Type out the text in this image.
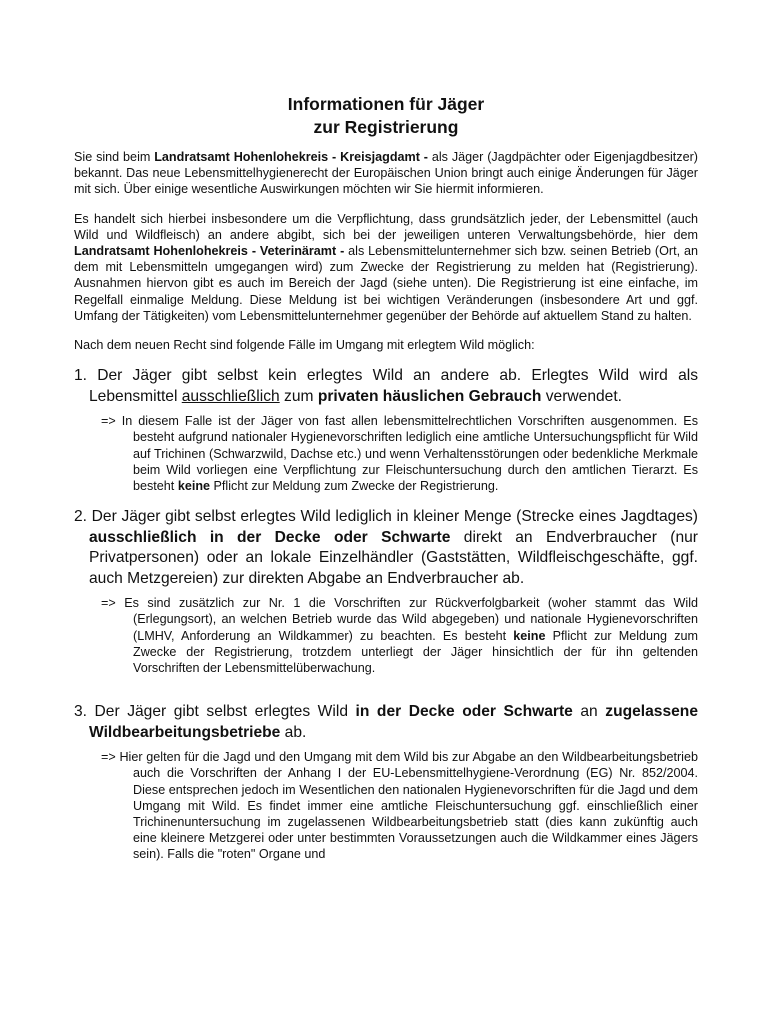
Informationen für Jäger
zur Registrierung

Sie sind beim Landratsamt Hohenlohekreis - Kreisjagdamt - als Jäger (Jagdpächter oder Eigenjagdbesitzer) bekannt. Das neue Lebensmittelhygienerecht der Europäischen Union bringt auch einige Änderungen für Jäger mit sich. Über einige wesentliche Auswirkungen möchten wir Sie hiermit informieren.

Es handelt sich hierbei insbesondere um die Verpflichtung, dass grundsätzlich jeder, der Lebensmittel (auch Wild und Wildfleisch) an andere abgibt, sich bei der jeweiligen unteren Verwaltungsbehörde, hier dem Landratsamt Hohenlohekreis - Veterinäramt - als Lebensmittelunternehmer sich bzw. seinen Betrieb (Ort, an dem mit Lebensmitteln umgegangen wird) zum Zwecke der Registrierung zu melden hat (Registrierung). Ausnahmen hiervon gibt es auch im Bereich der Jagd (siehe unten). Die Registrierung ist eine einfache, im Regelfall einmalige Meldung. Diese Meldung ist bei wichtigen Veränderungen (insbesondere Art und ggf. Umfang der Tätigkeiten) vom Lebensmittelunternehmer gegenüber der Behörde auf aktuellem Stand zu halten.

Nach dem neuen Recht sind folgende Fälle im Umgang mit erlegtem Wild möglich:

1. Der Jäger gibt selbst kein erlegtes Wild an andere ab. Erlegtes Wild wird als Lebensmittel ausschließlich zum privaten häuslichen Gebrauch verwendet.

=> In diesem Falle ist der Jäger von fast allen lebensmittelrechtlichen Vorschriften ausgenommen. Es besteht aufgrund nationaler Hygienevorschriften lediglich eine amtliche Untersuchungspflicht für Wild auf Trichinen (Schwarzwild, Dachse etc.) und wenn Verhaltensstörungen oder bedenkliche Merkmale beim Wild vorliegen eine Verpflichtung zur Fleischuntersuchung durch den amtlichen Tierarzt. Es besteht keine Pflicht zur Meldung zum Zwecke der Registrierung.

2. Der Jäger gibt selbst erlegtes Wild lediglich in kleiner Menge (Strecke eines Jagdtages) ausschließlich in der Decke oder Schwarte direkt an Endverbraucher (nur Privatpersonen) oder an lokale Einzelhändler (Gaststätten, Wildfleischgeschäfte, ggf. auch Metzgereien) zur direkten Abgabe an Endverbraucher ab.

=> Es sind zusätzlich zur Nr. 1 die Vorschriften zur Rückverfolgbarkeit (woher stammt das Wild (Erlegungsort), an welchen Betrieb wurde das Wild abgegeben) und nationale Hygienevorschriften (LMHV, Anforderung an Wildkammer) zu beachten. Es besteht keine Pflicht zur Meldung zum Zwecke der Registrierung, trotzdem unterliegt der Jäger hinsichtlich der für ihn geltenden Vorschriften der Lebensmittelüberwachung.

3. Der Jäger gibt selbst erlegtes Wild in der Decke oder Schwarte an zugelassene Wildbearbeitungsbetriebe ab.

=> Hier gelten für die Jagd und den Umgang mit dem Wild bis zur Abgabe an den Wildbearbeitungsbetrieb auch die Vorschriften der Anhang I der EU-Lebensmittelhygiene-Verordnung (EG) Nr. 852/2004. Diese entsprechen jedoch im Wesentlichen den nationalen Hygienevorschriften für die Jagd und dem Umgang mit Wild. Es findet immer eine amtliche Fleischuntersuchung ggf. einschließlich einer Trichinenuntersuchung im zugelassenen Wildbearbeitungsbetrieb statt (dies kann zukünftig auch eine kleinere Metzgerei oder unter bestimmten Voraussetzungen auch die Wildkammer eines Jägers sein). Falls die "roten" Organe und
